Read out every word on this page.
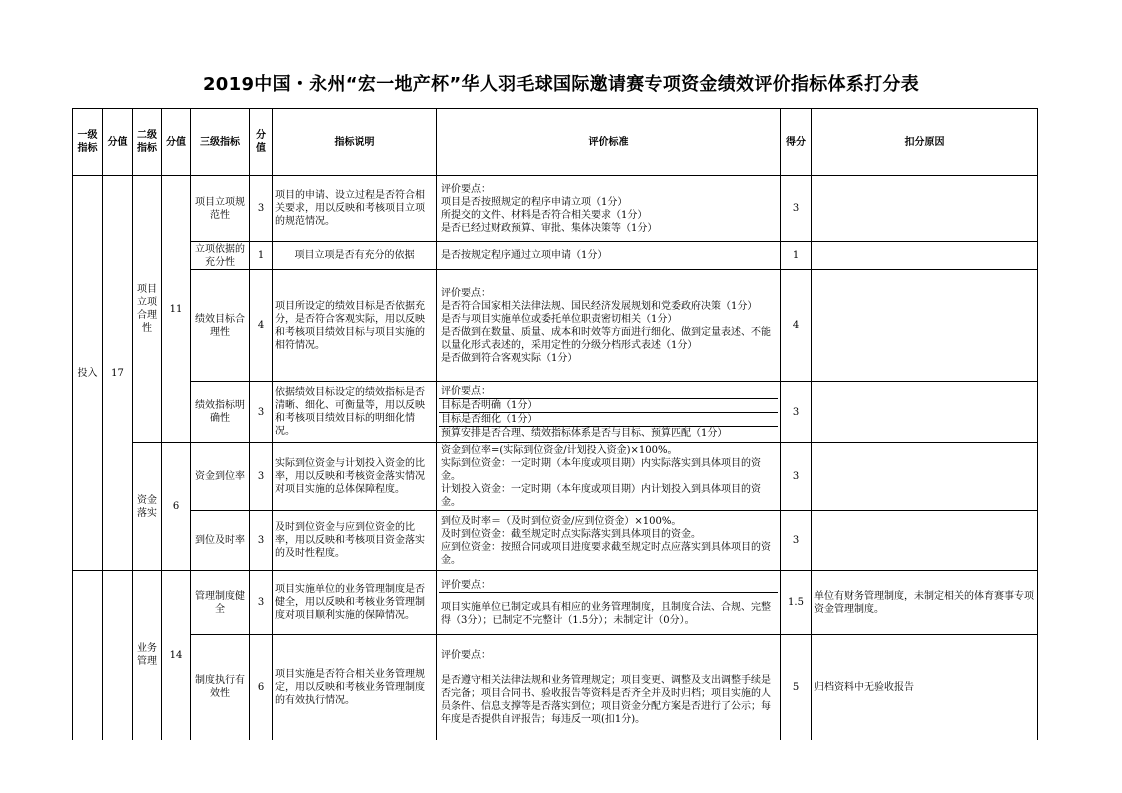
2019中国・永州“宏一地产杯”华人羽毛球国际邀请赛专项资金绩效评价指标体系打分表
一级指标	分值	二级指标	分值	三级指标	分值	指标说明	评价标准	得分	扣分原因
投入	17	项目立项合理性	11	项目立项规范性	3	项目的申请、设立过程是否符合相关要求，用以反映和考核项目立项的规范情况。	评价要点：
项目是否按照规定的程序申请立项（1分）
所提交的文件、材料是否符合相关要求（1分）
是否已经过财政预算、审批、集体决策等（1分）	3	
				立项依据的充分性	1	项目立项是否有充分的依据	是否按规定程序通过立项申请（1分）	1	
				绩效目标合理性	4	项目所设定的绩效目标是否依据充分，是否符合客观实际，用以反映和考核项目绩效目标与项目实施的相符情况。	评价要点：
是否符合国家相关法律法规、国民经济发展规划和党委政府决策（1分）
是否与项目实施单位或委托单位职责密切相关（1分）
是否做到在数量、质量、成本和时效等方面进行细化、做到定量表述、不能以量化形式表述的，采用定性的分级分档形式表述（1分）
是否做到符合客观实际（1分）	4	
				绩效指标明确性	3	依据绩效目标设定的绩效指标是否清晰、细化、可衡量等，用以反映和考核项目绩效目标的明细化情况。	评价要点：
目标是否明确（1分）
目标是否细化（1分）
预算安排是否合理、绩效指标体系是否与目标、预算匹配（1分）	3	
		资金落实	6	资金到位率	3	实际到位资金与计划投入资金的比率，用以反映和考核资金落实情况对项目实施的总体保障程度。	资金到位率=(实际到位资金/计划投入资金)×100%。
实际到位资金：一定时期（本年度或项目期）内实际落实到具体项目的资金。
计划投入资金：一定时期（本年度或项目期）内计划投入到具体项目的资金。	3	
				到位及时率	3	及时到位资金与应到位资金的比率，用以反映和考核项目资金落实的及时性程度。	到位及时率＝（及时到位资金/应到位资金）×100%。
及时到位资金：截至规定时点实际落实到具体项目的资金。
应到位资金：按照合同或项目进度要求截至规定时点应落实到具体项目的资金。	3	
		业务管理	14	管理制度健全	3	项目实施单位的业务管理制度是否健全，用以反映和考核业务管理制度对项目顺利实施的保障情况。	评价要点：
项目实施单位已制定或具有相应的业务管理制度，且制度合法、合规、完整得（3分）；已制定不完整计（1.5分）；未制定计（0分）。	1.5	单位有财务管理制度，未制定相关的体育赛事专项资金管理制度。
				制度执行有效性	6	项目实施是否符合相关业务管理规定，用以反映和考核业务管理制度的有效执行情况。	评价要点：
是否遵守相关法律法规和业务管理规定；项目变更、调整及支出调整手续是否完备；项目合同书、验收报告等资料是否齐全并及时归档；项目实施的人员条件、信息支撑等是否落实到位；项目资金分配方案是否进行了公示；每年度是否提供自评报告；每违反一项(扣1分)。	5	归档资料中无验收报告
